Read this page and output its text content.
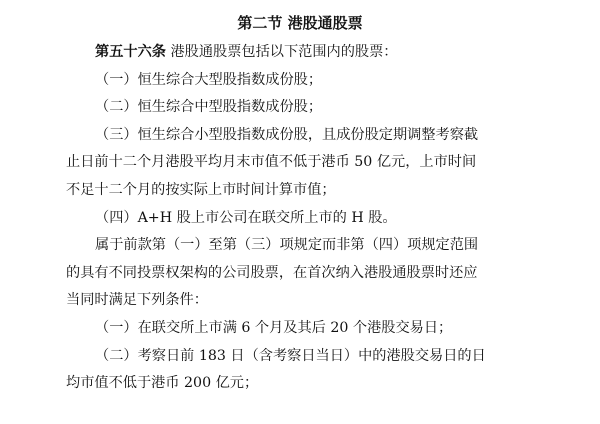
第二节 港股通股票

第五十六条 港股通股票包括以下范围内的股票：

（一）恒生综合大型股指数成份股；

（二）恒生综合中型股指数成份股；

（三）恒生综合小型股指数成份股，且成份股定期调整考察截

止日前十二个月港股平均月末市值不低于港币 50 亿元，上市时间

不足十二个月的按实际上市时间计算市值；

（四）A+H 股上市公司在联交所上市的 H 股。

属于前款第（一）至第（三）项规定而非第（四）项规定范围

的具有不同投票权架构的公司股票，在首次纳入港股通股票时还应

当同时满足下列条件：

（一）在联交所上市满 6 个月及其后 20 个港股交易日；

（二）考察日前 183 日（含考察日当日）中的港股交易日的日

均市值不低于港币 200 亿元；
